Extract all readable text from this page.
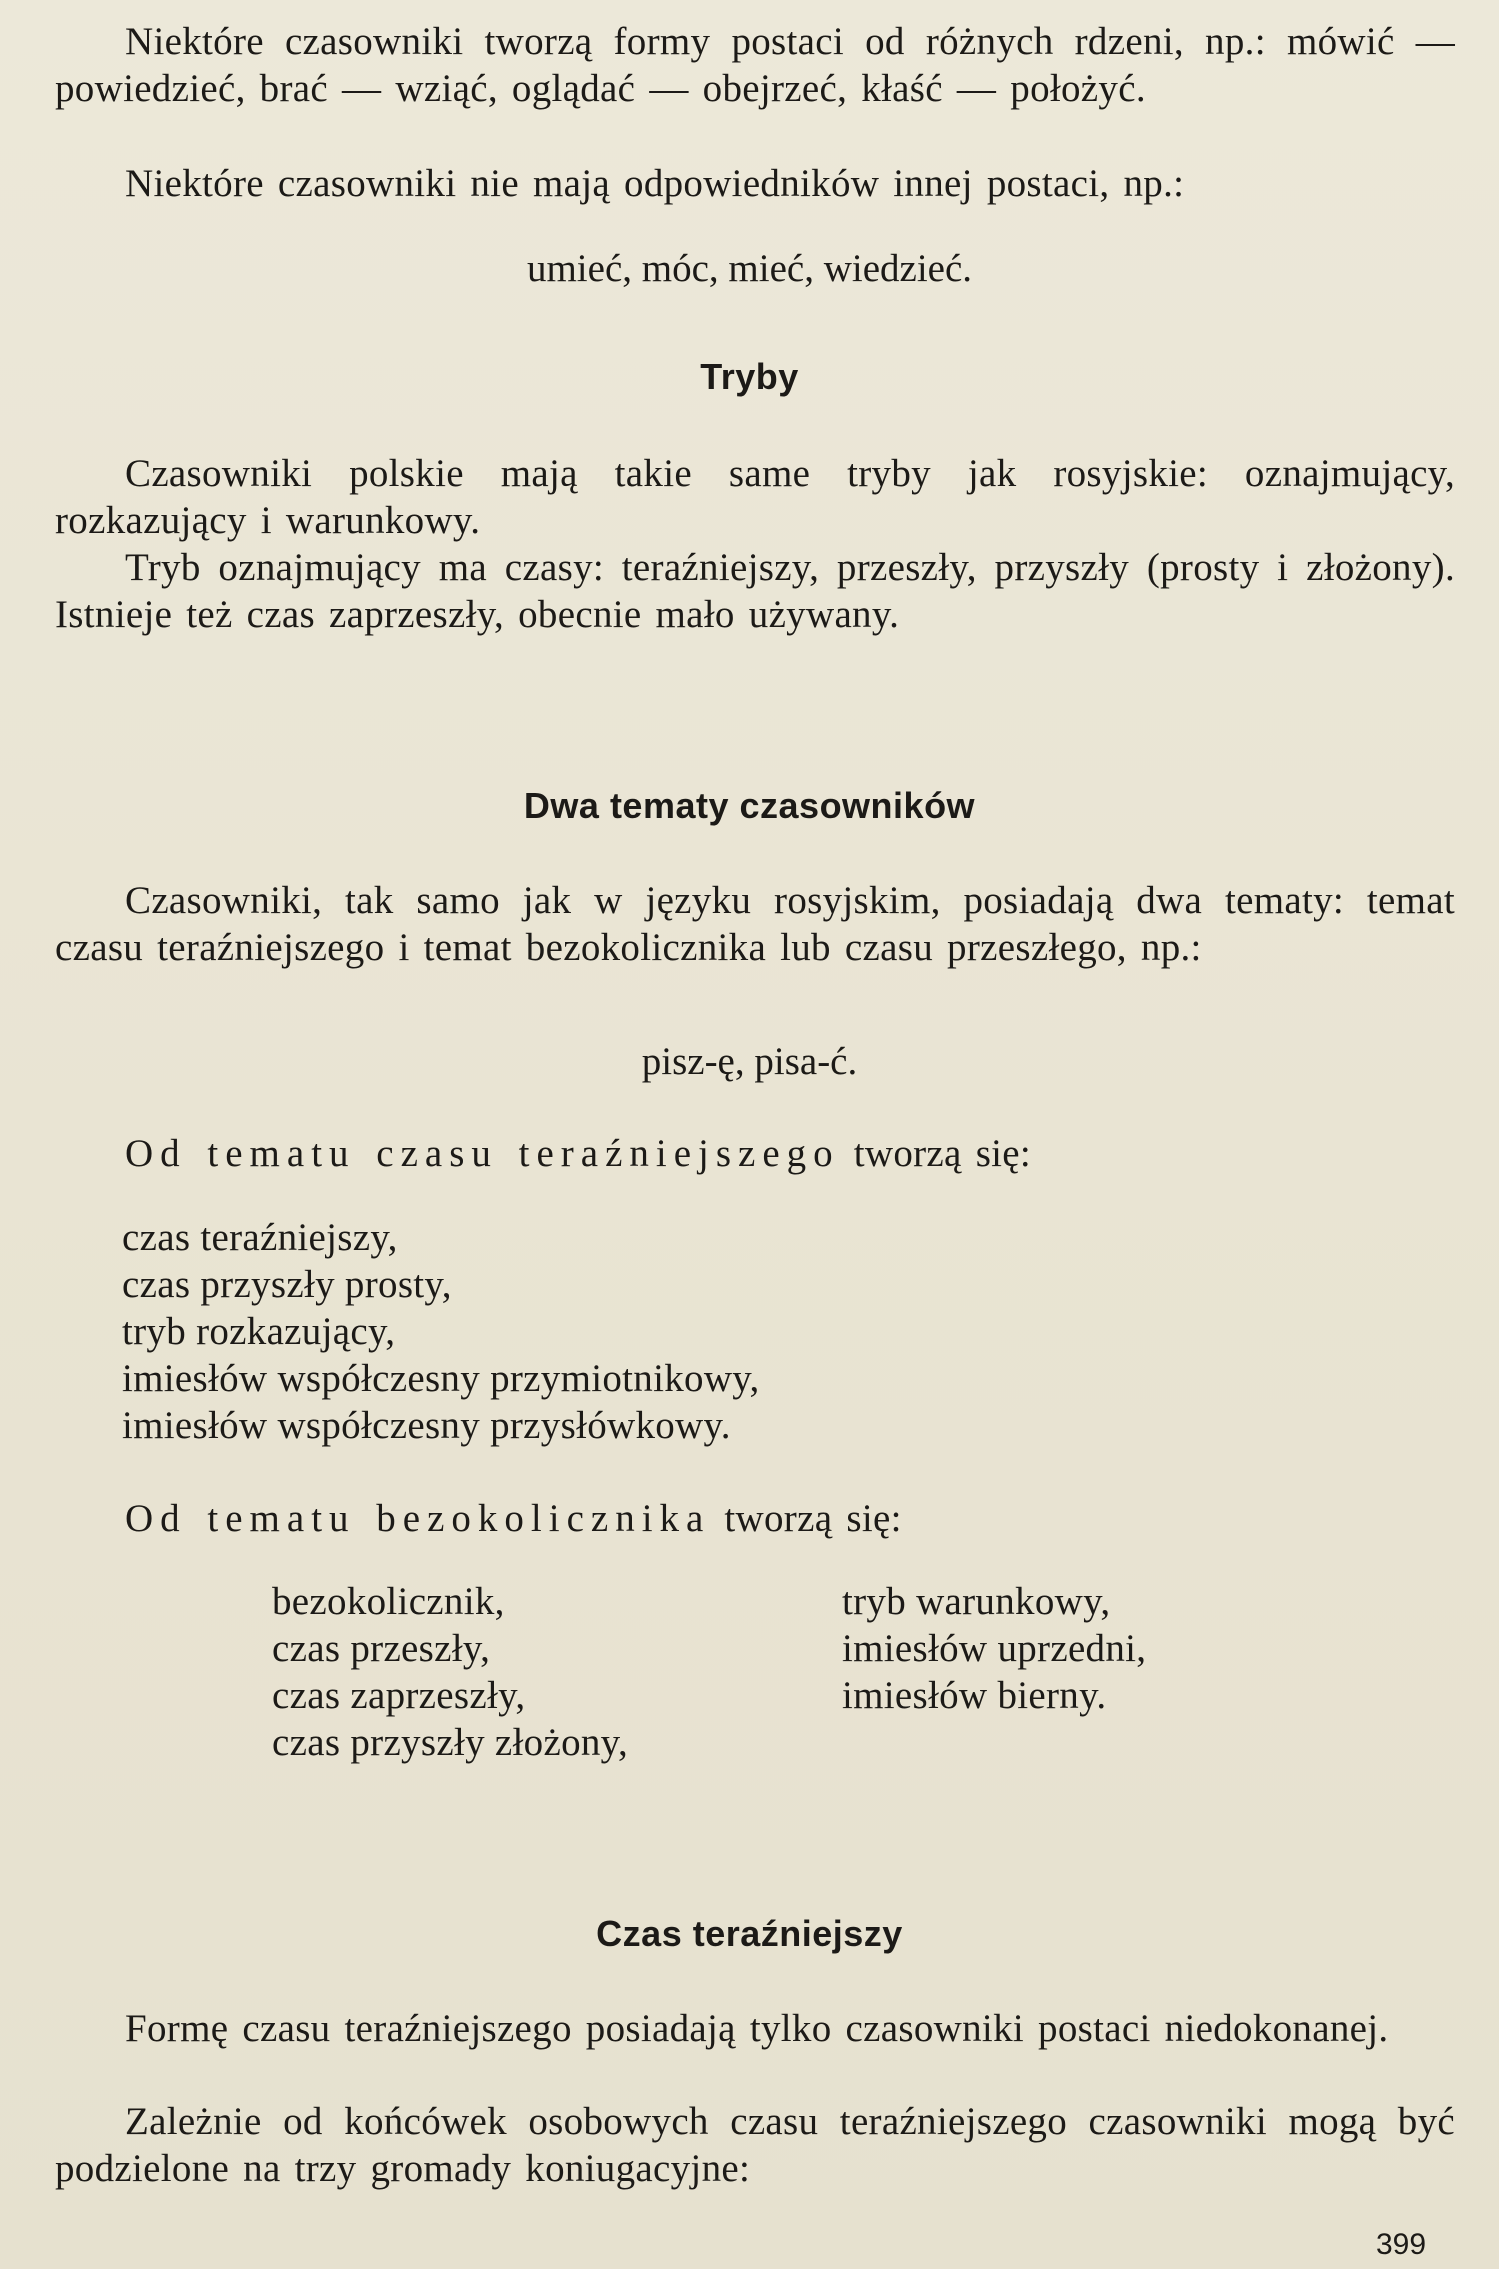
Niektóre czasowniki tworzą formy postaci od różnych rdzeni, np.: mówić — powiedzieć, brać — wziąć, oglądać — obejrzeć, kłaść — położyć.

Niektóre czasowniki nie mają odpowiedników innej postaci, np.:

umieć, móc, mieć, wiedzieć.
Tryby

Czasowniki polskie mają takie same tryby jak rosyjskie: oznajmujący, rozkazujący i warunkowy.

Tryb oznajmujący ma czasy: teraźniejszy, przeszły, przyszły (prosty i złożony). Istnieje też czas zaprzeszły, obecnie mało używany.

Dwa tematy czasowników

Czasowniki, tak samo jak w języku rosyjskim, posiadają dwa tematy: temat czasu teraźniejszego i temat bezokolicznika lub czasu przeszłego, np.:

pisz-ę, pisa-ć.

Od tematu czasu teraźniejszego tworzą się:

czas teraźniejszy,
czas przyszły prosty,
tryb rozkazujący,
imiesłów współczesny przymiotnikowy,
imiesłów współczesny przysłówkowy.

Od tematu bezokolicznika tworzą się:

bezokolicznik,
czas przeszły,
czas zaprzeszły,
czas przyszły złożony,
tryb warunkowy,
imiesłów uprzedni,
imiesłów bierny.
Czas teraźniejszy

Formę czasu teraźniejszego posiadają tylko czasowniki postaci niedokonanej.

Zależnie od końcówek osobowych czasu teraźniejszego czasowniki mogą być podzielone na trzy gromady koniugacyjne:

399
